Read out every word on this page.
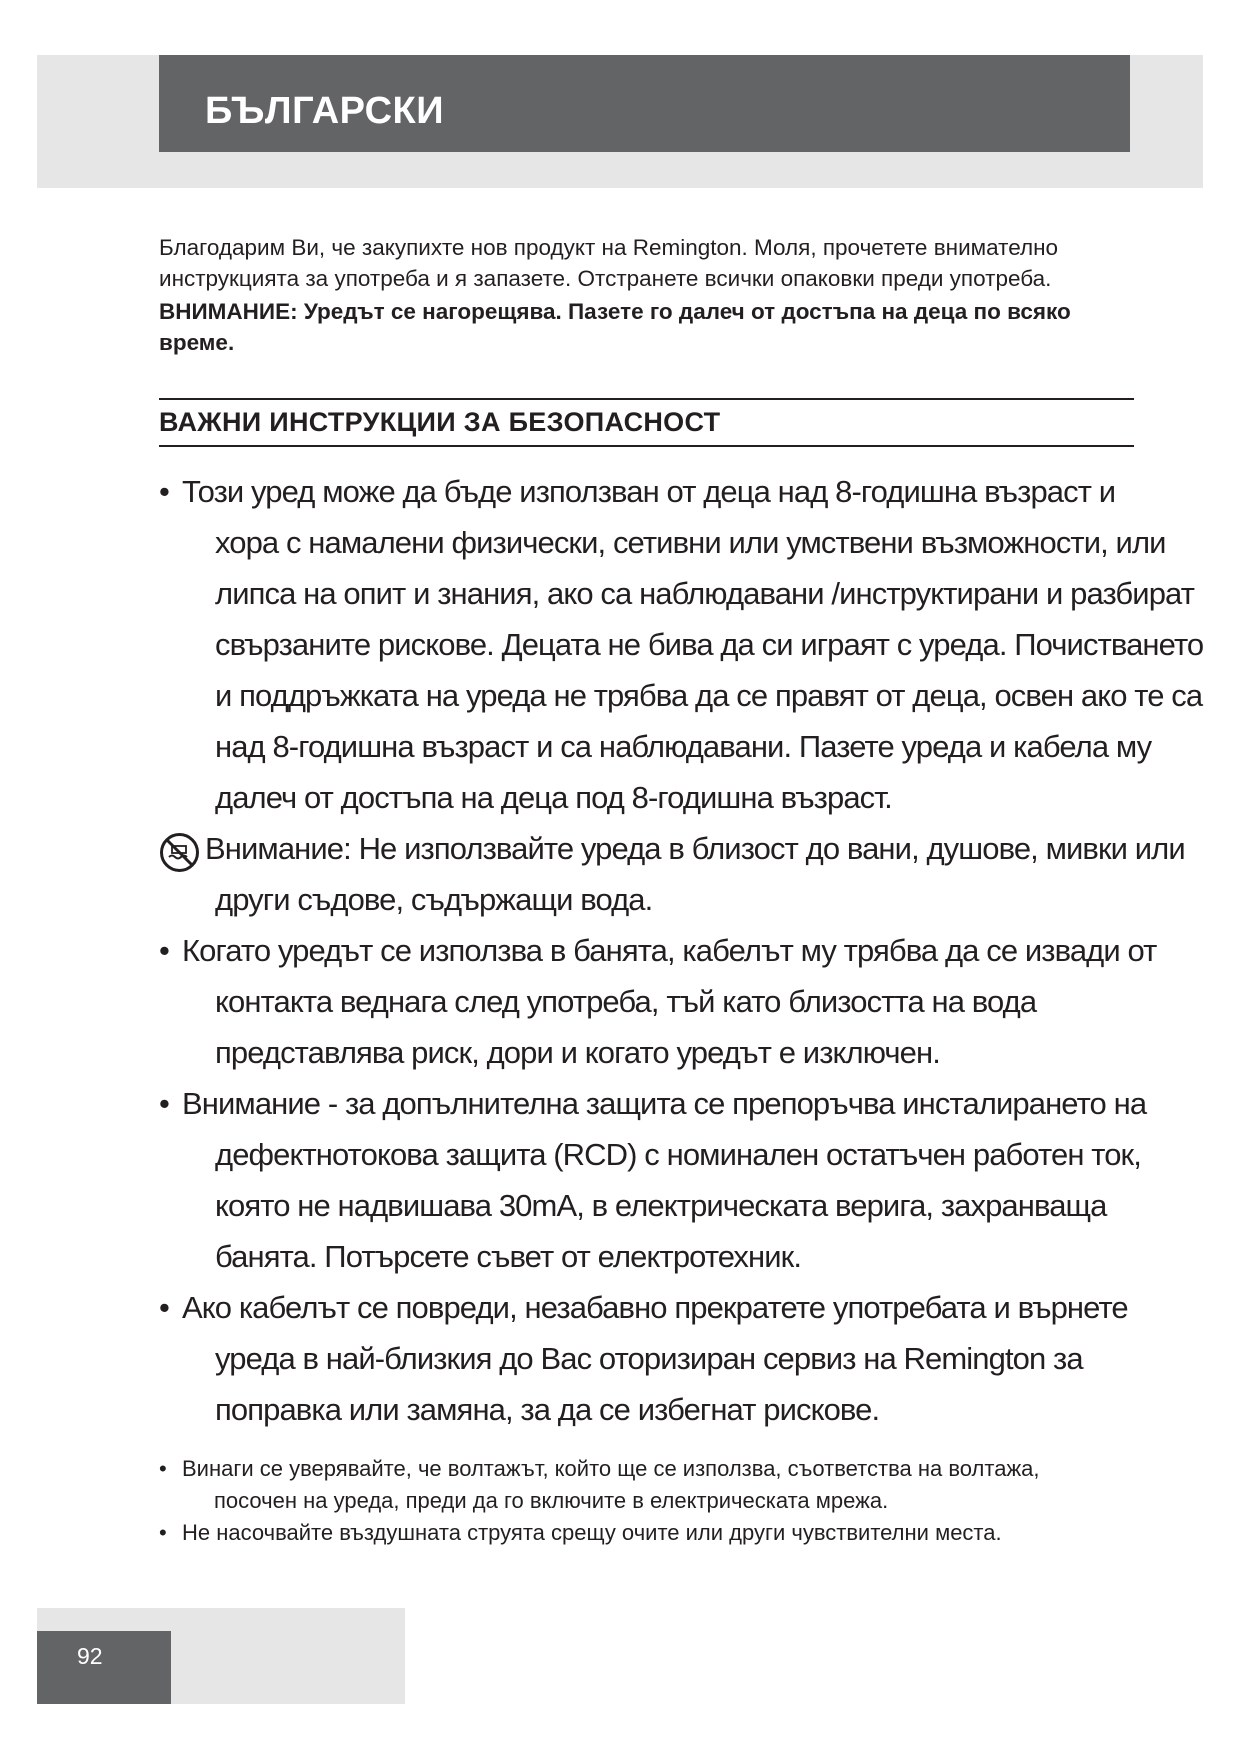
БЪЛГАРСКИ

Благодарим Ви, че закупихте нов продукт на Remington. Моля, прочетете внимателно

инструкцията за употреба и я запазете. Отстранете всички опаковки преди употреба.

ВНИМАНИЕ: Уредът се нагорещява. Пазете го далеч от достъпа на деца по всяко
време.

ВАЖНИ ИНСТРУКЦИИ ЗА БЕЗОПАСНОСТ
•
Този уред може да бъде използван от деца над 8-годишна възраст и
хора с намалени физически, сетивни или умствени възможности, или
липса на опит и знания, ако са наблюдавани /инструктирани и разбират
свързаните рискове. Децата не бива да си играят с уреда. Почистването
и поддръжката на уреда не трябва да се правят от деца, освен ако те са
над 8-годишна възраст и са наблюдавани. Пазете уреда и кабела му
далеч от достъпа на деца под 8-годишна възраст.
Внимание: Не използвайте уреда в близост до вани, душове, мивки или
други съдове, съдържащи вода.
•
Когато уредът се използва в банята, кабелът му трябва да се извади от
контакта веднага след употреба, тъй като близостта на вода
представлява риск, дори и когато уредът е изключен.
•
Внимание - за допълнителна защита се препоръчва инсталирането на
дефектнотокова защита (RCD) с номинален остатъчен работен ток,
която не надвишава 30mA, в електрическата верига, захранваща
банята. Потърсете съвет от електротехник.
•
Ако кабелът се повреди, незабавно прекратете употребата и върнете
уреда в най-близкия до Вас оторизиран сервиз на Remington за
поправка или замяна, за да се избегнат рискове.
•
Винаги се уверявайте, че волтажът, който ще се използва, съответства на волтажа,
посочен на уреда, преди да го включите в електрическата мрежа.
•
Не насочвайте въздушната струята срещу очите или други чувствителни места.
92
